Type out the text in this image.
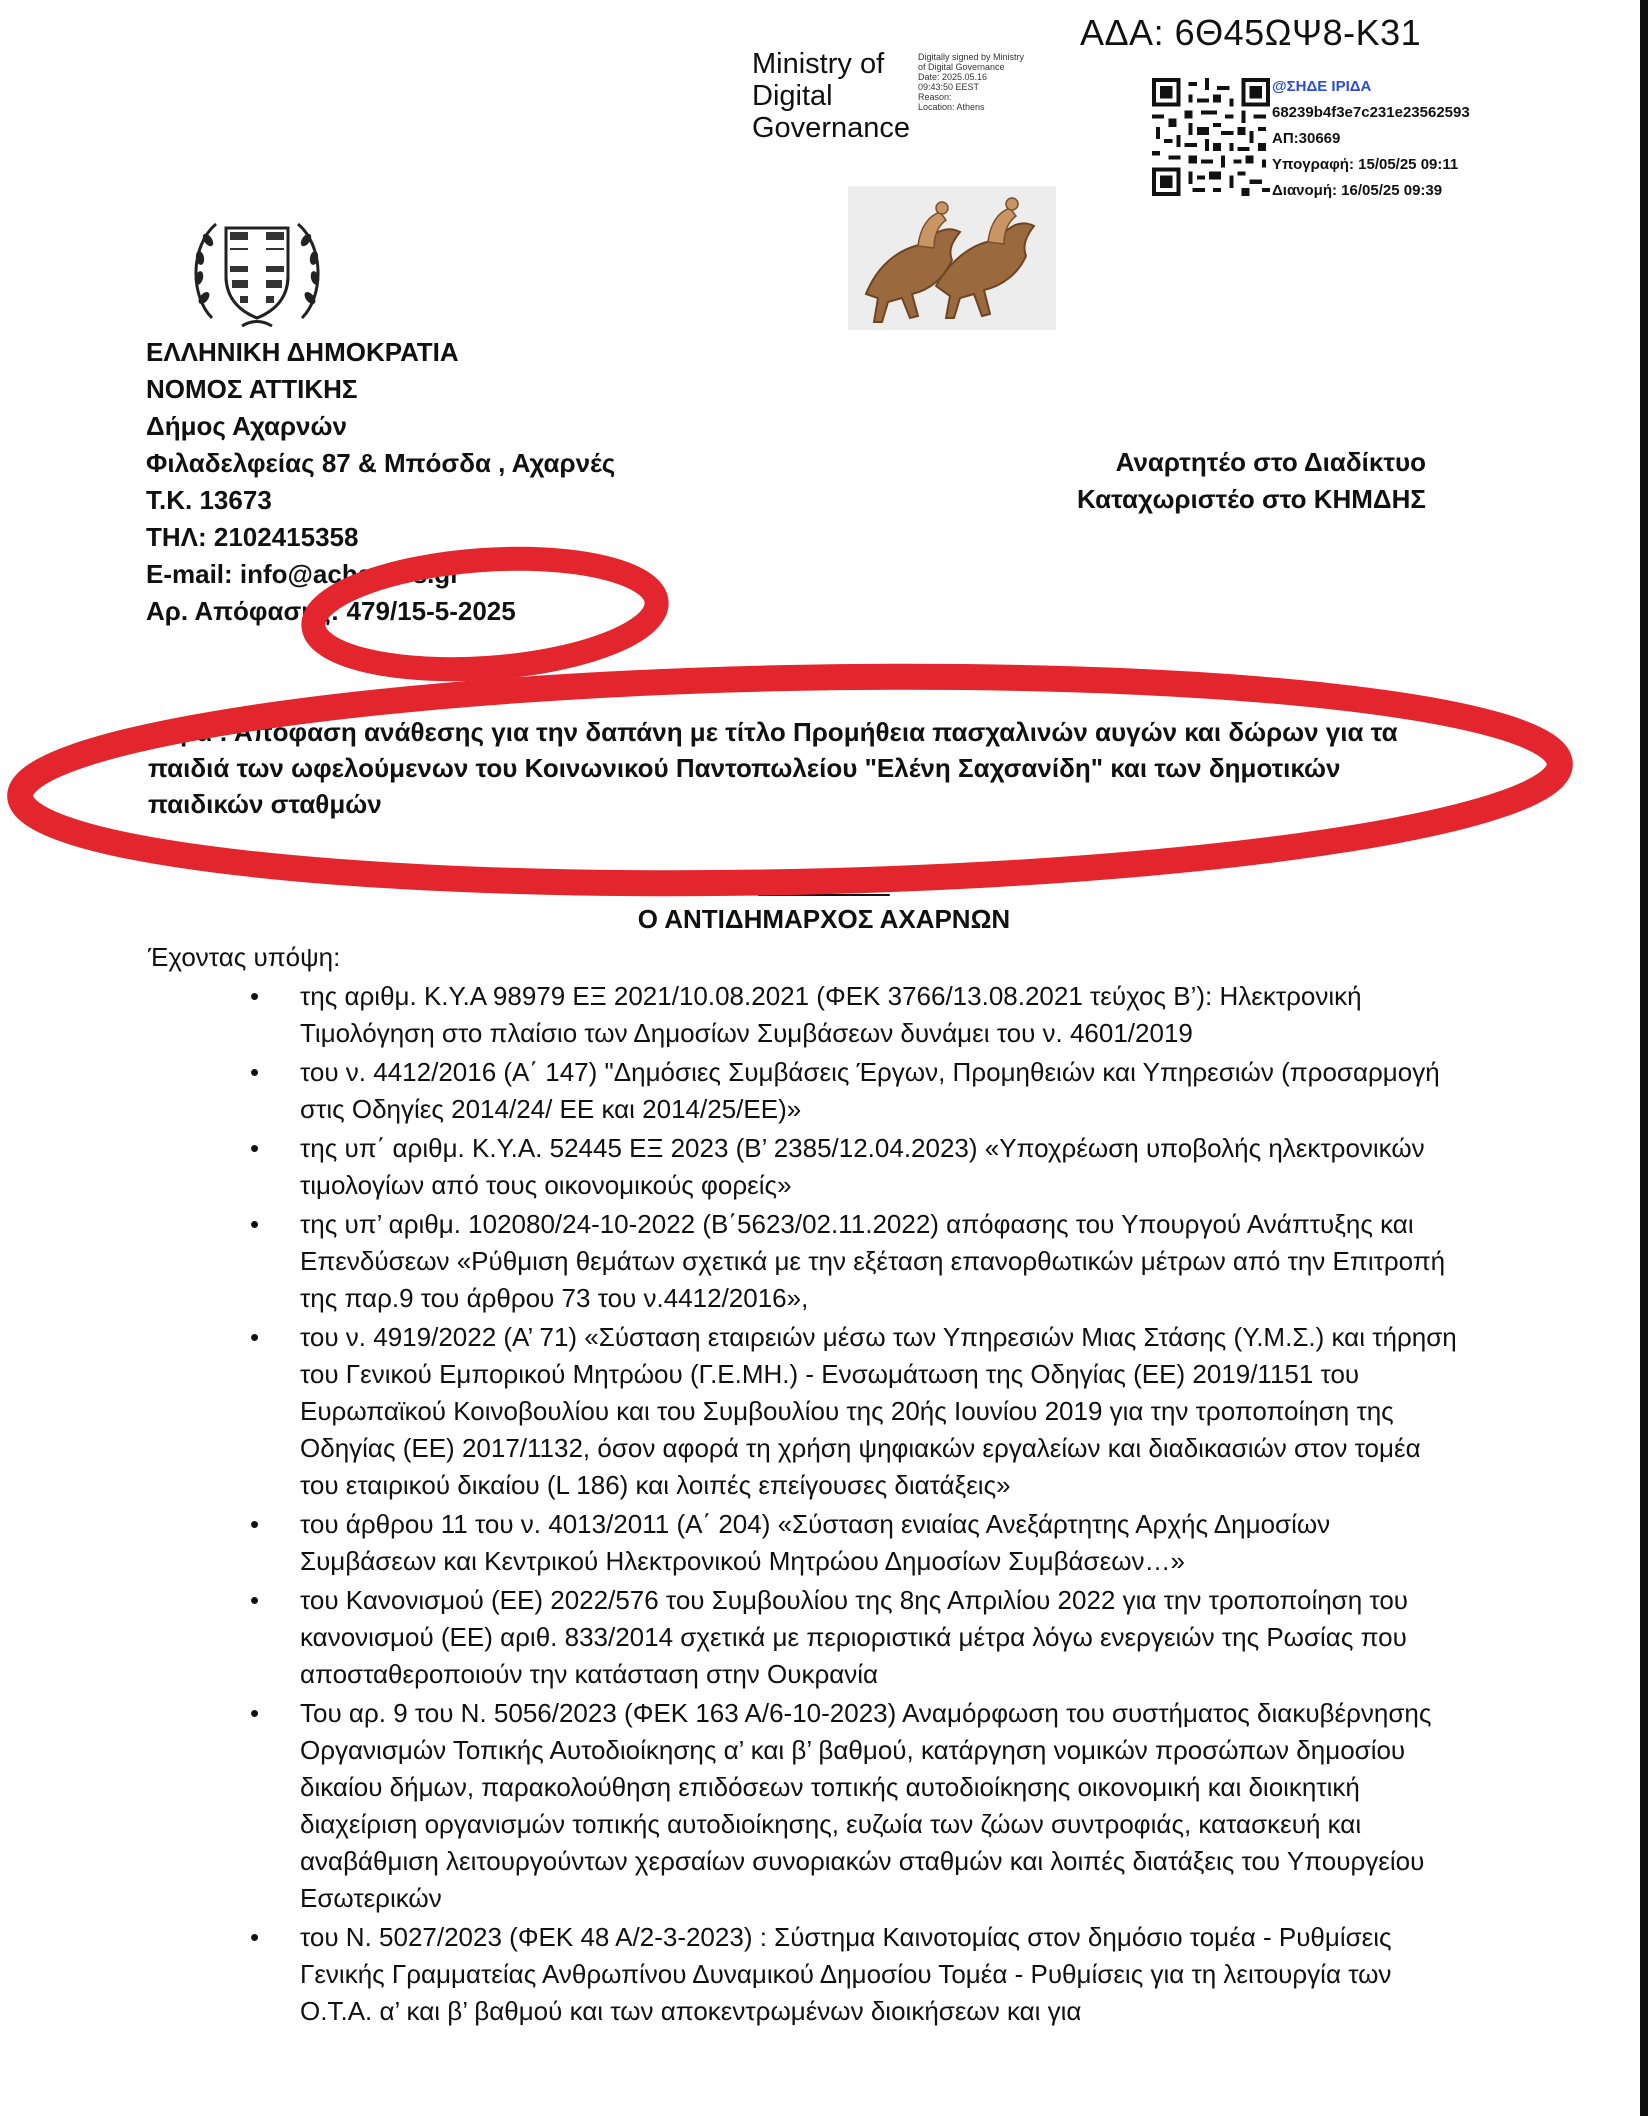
ΑΔΑ: 6Θ45ΩΨ8-Κ31
Ministry of
Digital
Governance
Digitally signed by Ministry
of Digital Governance
Date: 2025.05.16
09:43:50 EEST
Reason:
Location: Athens
@ΣΗΔΕ ΙΡΙΔΑ
68239b4f3e7c231e23562593
ΑΠ:30669
Υπογραφή: 15/05/25 09:11
Διανομή: 16/05/25 09:39
ΕΛΛΗΝΙΚΗ ΔΗΜΟΚΡΑΤΙΑ
ΝΟΜΟΣ ΑΤΤΙΚΗΣ
Δήμος Αχαρνών
Φιλαδελφείας 87 & Μπόσδα , Αχαρνές
Τ.Κ. 13673
ΤΗΛ: 2102415358
E-mail: info@acharnes.gr
Αρ. Απόφασης: 479/15-5-2025
Αναρτητέο στο Διαδίκτυο
Καταχωριστέο στο ΚΗΜΔΗΣ
Θέμα : Απόφαση ανάθεσης για την δαπάνη με τίτλο Προμήθεια πασχαλινών αυγών και δώρων για τα παιδιά των ωφελούμενων του Κοινωνικού Παντοπωλείου "Ελένη Σαχσανίδη" και των δημοτικών παιδικών σταθμών
ΑΠΟΦΑΣΗ
Ο ΑΝΤΙΔΗΜΑΡΧΟΣ ΑΧΑΡΝΩΝ
Έχοντας υπόψη:
• της αριθμ. Κ.Υ.Α 98979 ΕΞ 2021/10.08.2021 (ΦΕΚ 3766/13.08.2021 τεύχος Β’): Ηλεκτρονική Τιμολόγηση στο πλαίσιο των Δημοσίων Συμβάσεων δυνάμει του ν. 4601/2019
• του ν. 4412/2016 (Α΄ 147) "Δημόσιες Συμβάσεις Έργων, Προμηθειών και Υπηρεσιών (προσαρμογή στις Οδηγίες 2014/24/ ΕΕ και 2014/25/ΕΕ)»
• της υπ΄ αριθμ. Κ.Υ.Α. 52445 ΕΞ 2023 (Β’ 2385/12.04.2023) «Υποχρέωση υποβολής ηλεκτρονικών τιμολογίων από τους οικονομικούς φορείς»
• της υπ’ αριθμ. 102080/24-10-2022 (Β΄5623/02.11.2022) απόφασης του Υπουργού Ανάπτυξης και Επενδύσεων «Ρύθμιση θεμάτων σχετικά με την εξέταση επανορθωτικών μέτρων από την Επιτροπή της παρ.9 του άρθρου 73 του ν.4412/2016»,
• του ν. 4919/2022 (Α’ 71) «Σύσταση εταιρειών μέσω των Υπηρεσιών Μιας Στάσης (Υ.Μ.Σ.) και τήρηση του Γενικού Εμπορικού Μητρώου (Γ.Ε.ΜΗ.) - Ενσωμάτωση της Οδηγίας (ΕΕ) 2019/1151 του Ευρωπαϊκού Κοινοβουλίου και του Συμβουλίου της 20ής Ιουνίου 2019 για την τροποποίηση της Οδηγίας (ΕΕ) 2017/1132, όσον αφορά τη χρήση ψηφιακών εργαλείων και διαδικασιών στον τομέα του εταιρικού δικαίου (L 186) και λοιπές επείγουσες διατάξεις»
• του άρθρου 11 του ν. 4013/2011 (Α΄ 204) «Σύσταση ενιαίας Ανεξάρτητης Αρχής Δημοσίων Συμβάσεων και Κεντρικού Ηλεκτρονικού Μητρώου Δημοσίων Συμβάσεων…»
• του Κανονισμού (ΕΕ) 2022/576 του Συμβουλίου της 8ης Απριλίου 2022 για την τροποποίηση του κανονισμού (ΕΕ) αριθ. 833/2014 σχετικά με περιοριστικά μέτρα λόγω ενεργειών της Ρωσίας που αποσταθεροποιούν την κατάσταση στην Ουκρανία
• Του αρ. 9 του Ν. 5056/2023 (ΦΕΚ 163 Α/6-10-2023) Αναμόρφωση του συστήματος διακυβέρνησης Οργανισμών Τοπικής Αυτοδιοίκησης α’ και β’ βαθμού, κατάργηση νομικών προσώπων δημοσίου δικαίου δήμων, παρακολούθηση επιδόσεων τοπικής αυτοδιοίκησης οικονομική και διοικητική διαχείριση οργανισμών τοπικής αυτοδιοίκησης, ευζωία των ζώων συντροφιάς, κατασκευή και αναβάθμιση λειτουργούντων χερσαίων συνοριακών σταθμών και λοιπές διατάξεις του Υπουργείου Εσωτερικών
• του Ν. 5027/2023 (ΦΕΚ 48 Α/2-3-2023) : Σύστημα Καινοτομίας στον δημόσιο τομέα - Ρυθμίσεις Γενικής Γραμματείας Ανθρωπίνου Δυναμικού Δημοσίου Τομέα - Ρυθμίσεις για τη λειτουργία των Ο.Τ.Α. α’ και β’ βαθμού και των αποκεντρωμένων διοικήσεων και για
